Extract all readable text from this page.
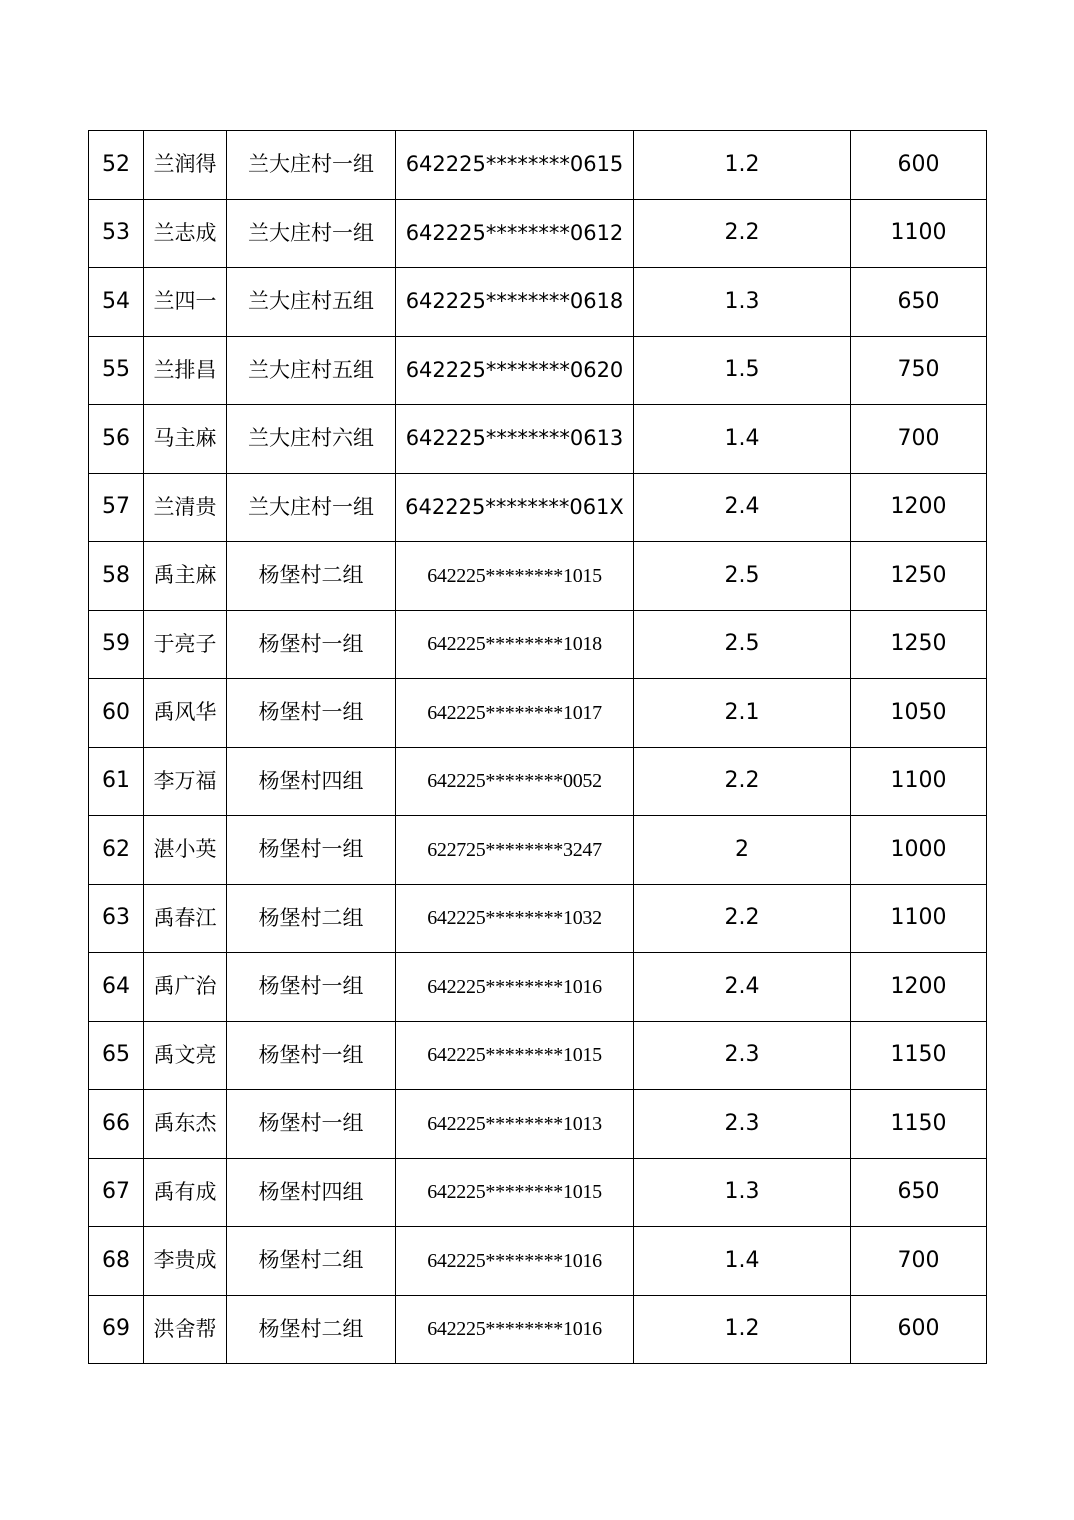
52	兰润得	兰大庄村一组	642225********0615	1.2	600
53	兰志成	兰大庄村一组	642225********0612	2.2	1100
54	兰四一	兰大庄村五组	642225********0618	1.3	650
55	兰排昌	兰大庄村五组	642225********0620	1.5	750
56	马主麻	兰大庄村六组	642225********0613	1.4	700
57	兰清贵	兰大庄村一组	642225********061X	2.4	1200
58	禹主麻	杨堡村二组	642225********1015	2.5	1250
59	于亮子	杨堡村一组	642225********1018	2.5	1250
60	禹风华	杨堡村一组	642225********1017	2.1	1050
61	李万福	杨堡村四组	642225********0052	2.2	1100
62	湛小英	杨堡村一组	622725********3247	2	1000
63	禹春江	杨堡村二组	642225********1032	2.2	1100
64	禹广治	杨堡村一组	642225********1016	2.4	1200
65	禹文亮	杨堡村一组	642225********1015	2.3	1150
66	禹东杰	杨堡村一组	642225********1013	2.3	1150
67	禹有成	杨堡村四组	642225********1015	1.3	650
68	李贵成	杨堡村二组	642225********1016	1.4	700
69	洪舍帮	杨堡村二组	642225********1016	1.2	600
